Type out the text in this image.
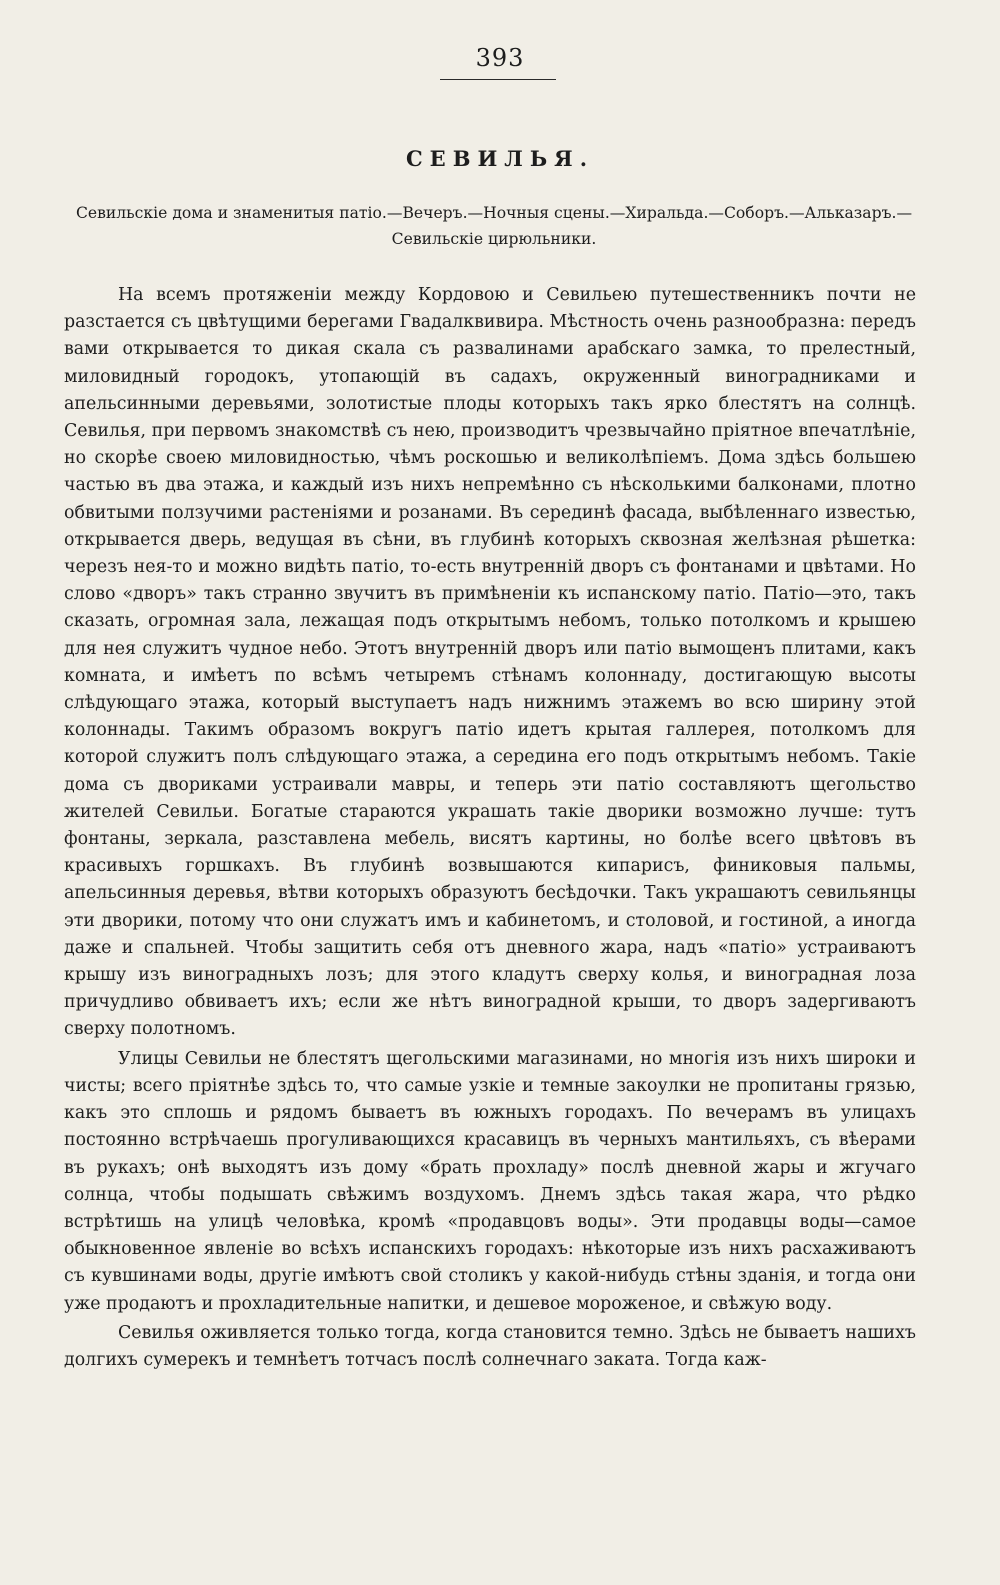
393
СЕВИЛЬЯ.
Севильскіе дома и знаменитыя патіо.—Вечеръ.—Ночныя сцены.—Хиральда.—Соборъ.—Альказаръ.—Севильскіе цирюльники.

На всемъ протяженіи между Кордовою и Севильею путешественникъ почти не разстается съ цвѣтущими берегами Гвадалквивира. Мѣстность очень разнообразна: передъ вами открывается то дикая скала съ развалинами арабскаго замка, то прелестный, миловидный городокъ, утопающій въ садахъ, окруженный виноградниками и апельсинными деревьями, золотистые плоды которыхъ такъ ярко блестятъ на солнцѣ. Севилья, при первомъ знакомствѣ съ нею, производитъ чрезвычайно пріятное впечатлѣніе, но скорѣе своею миловидностью, чѣмъ роскошью и великолѣпіемъ. Дома здѣсь большею частью въ два этажа, и каждый изъ нихъ непремѣнно съ нѣсколькими балконами, плотно обвитыми ползучими растеніями и розанами. Въ серединѣ фасада, выбѣленнаго известью, открывается дверь, ведущая въ сѣни, въ глубинѣ которыхъ сквозная желѣзная рѣшетка: черезъ нея-то и можно видѣть патіо, то-есть внутренній дворъ съ фонтанами и цвѣтами. Но слово «дворъ» такъ странно звучитъ въ примѣненіи къ испанскому патіо. Патіо—это, такъ сказать, огромная зала, лежащая подъ открытымъ небомъ, только потолкомъ и крышею для нея служитъ чудное небо. Этотъ внутренній дворъ или патіо вымощенъ плитами, какъ комната, и имѣетъ по всѣмъ четыремъ стѣнамъ колоннаду, достигающую высоты слѣдующаго этажа, который выступаетъ надъ нижнимъ этажемъ во всю ширину этой колоннады. Такимъ образомъ вокругъ патіо идетъ крытая галлерея, потолкомъ для которой служитъ полъ слѣдующаго этажа, а середина его подъ открытымъ небомъ. Такіе дома съ двориками устраивали мавры, и теперь эти патіо составляютъ щегольство жителей Севильи. Богатые стараются украшать такіе дворики возможно лучше: тутъ фонтаны, зеркала, разставлена мебель, висятъ картины, но болѣе всего цвѣтовъ въ красивыхъ горшкахъ. Въ глубинѣ возвышаются кипарисъ, финиковыя пальмы, апельсинныя деревья, вѣтви которыхъ образуютъ бесѣдочки. Такъ украшаютъ севильянцы эти дворики, потому что они служатъ имъ и кабинетомъ, и столовой, и гостиной, а иногда даже и спальней. Чтобы защитить себя отъ дневного жара, надъ «патіо» устраиваютъ крышу изъ виноградныхъ лозъ; для этого кладутъ сверху колья, и виноградная лоза причудливо обвиваетъ ихъ; если же нѣтъ виноградной крыши, то дворъ задергиваютъ сверху полотномъ.

Улицы Севильи не блестятъ щегольскими магазинами, но многія изъ нихъ широки и чисты; всего пріятнѣе здѣсь то, что самые узкіе и темные закоулки не пропитаны грязью, какъ это сплошь и рядомъ бываетъ въ южныхъ городахъ. По вечерамъ въ улицахъ постоянно встрѣчаешь прогуливающихся красавицъ въ черныхъ мантильяхъ, съ вѣерами въ рукахъ; онѣ выходятъ изъ дому «брать прохладу» послѣ дневной жары и жгучаго солнца, чтобы подышать свѣжимъ воздухомъ. Днемъ здѣсь такая жара, что рѣдко встрѣтишь на улицѣ человѣка, кромѣ «продавцовъ воды». Эти продавцы воды—самое обыкновенное явленіе во всѣхъ испанскихъ городахъ: нѣкоторые изъ нихъ расхаживаютъ съ кувшинами воды, другіе имѣютъ свой столикъ у какой-нибудь стѣны зданія, и тогда они уже продаютъ и прохладительные напитки, и дешевое мороженое, и свѣжую воду.

Севилья оживляется только тогда, когда становится темно. Здѣсь не бываетъ нашихъ долгихъ сумерекъ и темнѣетъ тотчасъ послѣ солнечнаго заката. Тогда каж-
